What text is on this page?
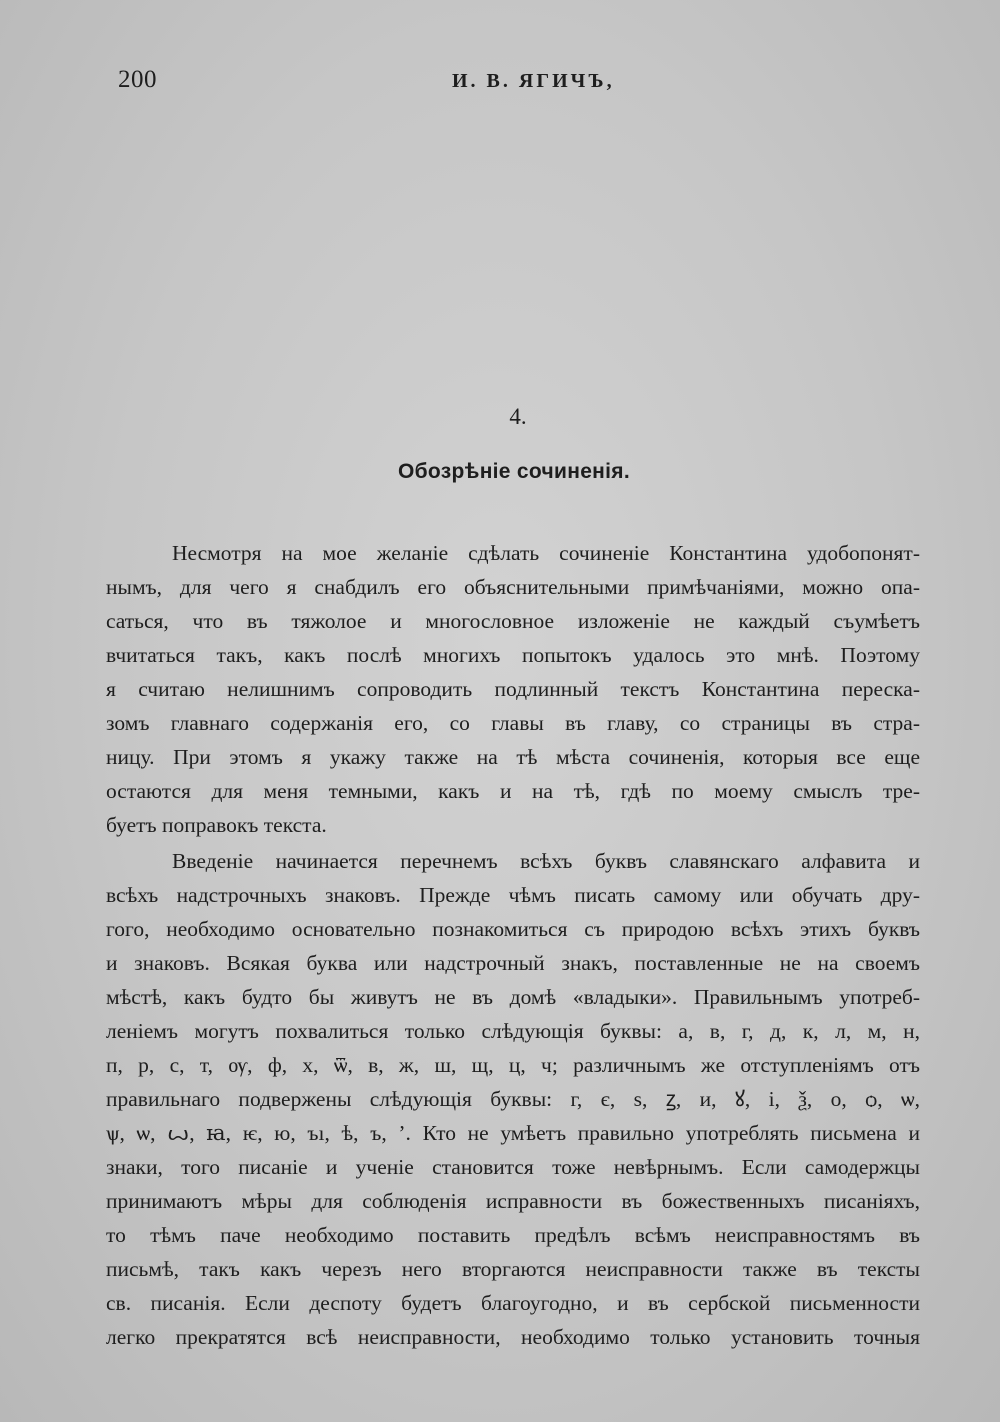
200	И. В. ЯГИЧЪ,
4.
Обозрѣніе сочиненія.
Несмотря на мое желаніе сдѣлать сочиненіе Константина удобопонят-
нымъ, для чего я снабдилъ его объяснительными примѣчаніями, можно опа-
саться, что въ тяжолое и многословное изложеніе не каждый съумѣетъ
вчитаться такъ, какъ послѣ многихъ попытокъ удалось это мнѣ. Поэтому
я считаю нелишнимъ сопроводить подлинный текстъ Константина переска-
зомъ главнаго содержанія его, со главы въ главу, со страницы въ стра-
ницу. При этомъ я укажу также на тѣ мѣста сочиненія, которыя все еще
остаются для меня темными, какъ и на тѣ, гдѣ по моему смыслъ тре-
буетъ поправокъ текста.
Введеніе начинается перечнемъ всѣхъ буквъ славянскаго алфавита и
всѣхъ надстрочныхъ знаковъ. Прежде чѣмъ писать самому или обучать дру-
гого, необходимо основательно познакомиться съ природою всѣхъ этихъ буквъ
и знаковъ. Всякая буква или надстрочный знакъ, поставленные не на своемъ
мѣстѣ, какъ будто бы живутъ не въ домѣ «владыки». Правильнымъ употреб-
леніемъ могутъ похвалиться только слѣдующія буквы: а, в, г, д, к, л, м, н,
п, р, с, т, ѹ, ф, х, ѿ, в, ж, ш, щ, ц, ч; различнымъ же отступленіямъ отъ
правильнаго подвержены слѣдующія буквы: г, є, ѕ, ꙁ, и, ꙋ, і, ѯ, о, ѻ, ѡ,
ѱ, ѡ, ꙍ, ꙗ, ѥ, ю, ъı, ѣ, ъ, ʼ. Кто не умѣетъ правильно употреблять письмена и
знаки, того писаніе и ученіе становится тоже невѣрнымъ. Если самодержцы
принимаютъ мѣры для соблюденія исправности въ божественныхъ писаніяхъ,
то тѣмъ паче необходимо поставить предѣлъ всѣмъ неисправностямъ въ
письмѣ, такъ какъ черезъ него вторгаются неисправности также въ тексты
св. писанія. Если деспоту будетъ благоугодно, и въ сербской письменности
легко прекратятся всѣ неисправности, необходимо только установить точныя
